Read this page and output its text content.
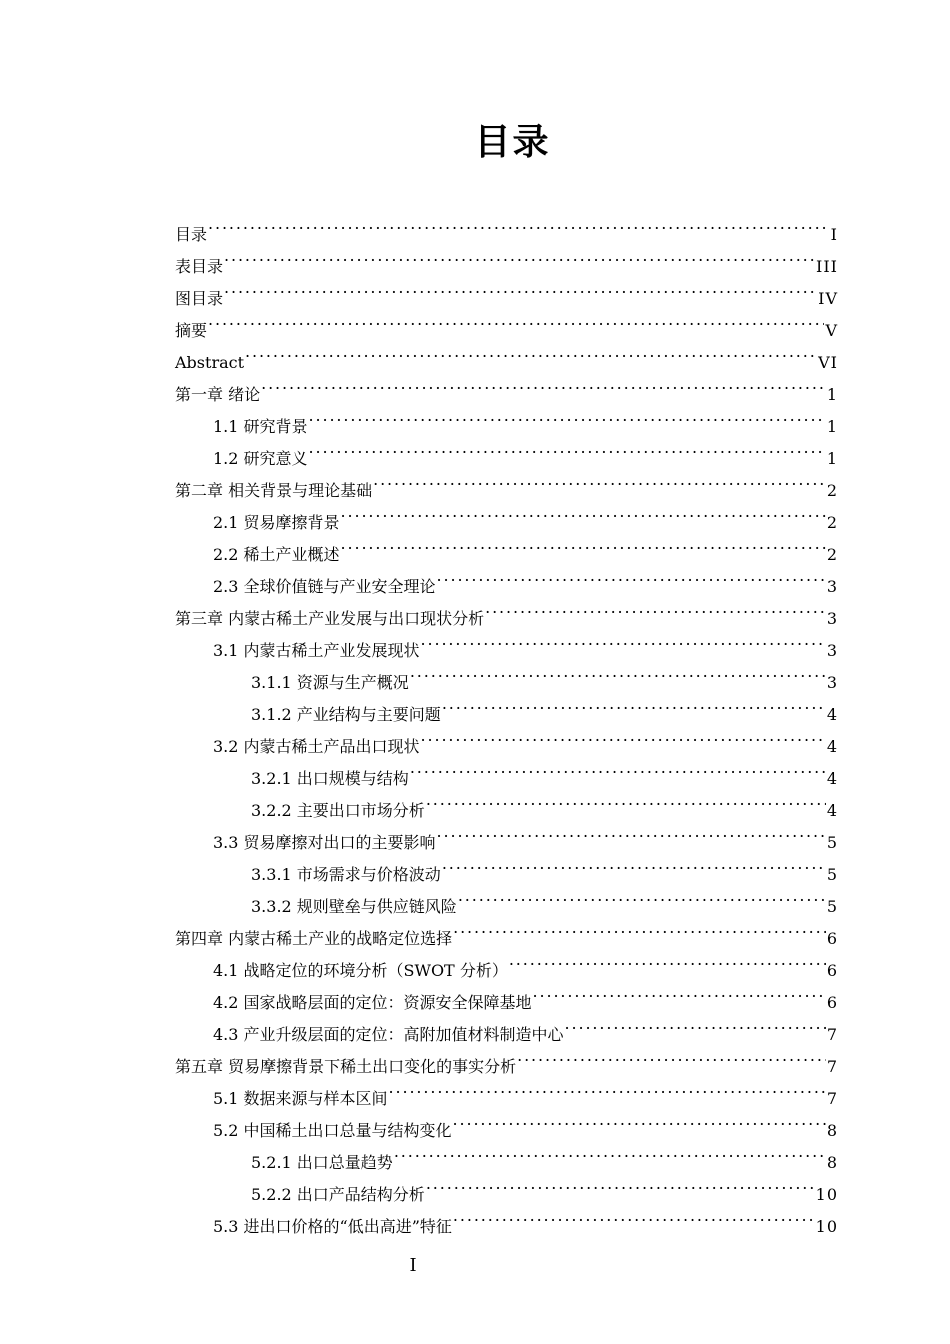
目录
目录 . . .	I
表目录 . . .	III
图目录 . . .	IV
摘要 . . .	V
Abstract . . .	VI
第一章 绪论 . . .	1
1.1 研究背景 . . .	1
1.2 研究意义 . . .	1
第二章 相关背景与理论基础 . . .	2
2.1 贸易摩擦背景 . . .	2
2.2 稀土产业概述 . . .	2
2.3 全球价值链与产业安全理论 . . .	3
第三章 内蒙古稀土产业发展与出口现状分析 . . .	3
3.1 内蒙古稀土产业发展现状 . . .	3
3.1.1 资源与生产概况 . . .	3
3.1.2 产业结构与主要问题 . . .	4
3.2 内蒙古稀土产品出口现状 . . .	4
3.2.1 出口规模与结构 . . .	4
3.2.2 主要出口市场分析 . . .	4
3.3 贸易摩擦对出口的主要影响 . . .	5
3.3.1 市场需求与价格波动 . . .	5
3.3.2 规则壁垒与供应链风险 . . .	5
第四章 内蒙古稀土产业的战略定位选择 . . .	6
4.1 战略定位的环境分析（SWOT 分析） . . .	6
4.2 国家战略层面的定位：资源安全保障基地 . . .	6
4.3 产业升级层面的定位：高附加值材料制造中心 . . .	7
第五章 贸易摩擦背景下稀土出口变化的事实分析 . . .	7
5.1 数据来源与样本区间 . . .	7
5.2 中国稀土出口总量与结构变化 . . .	8
5.2.1 出口总量趋势 . . .	8
5.2.2 出口产品结构分析 . . .	10
5.3 进出口价格的“低出高进”特征 . . .	10
I
